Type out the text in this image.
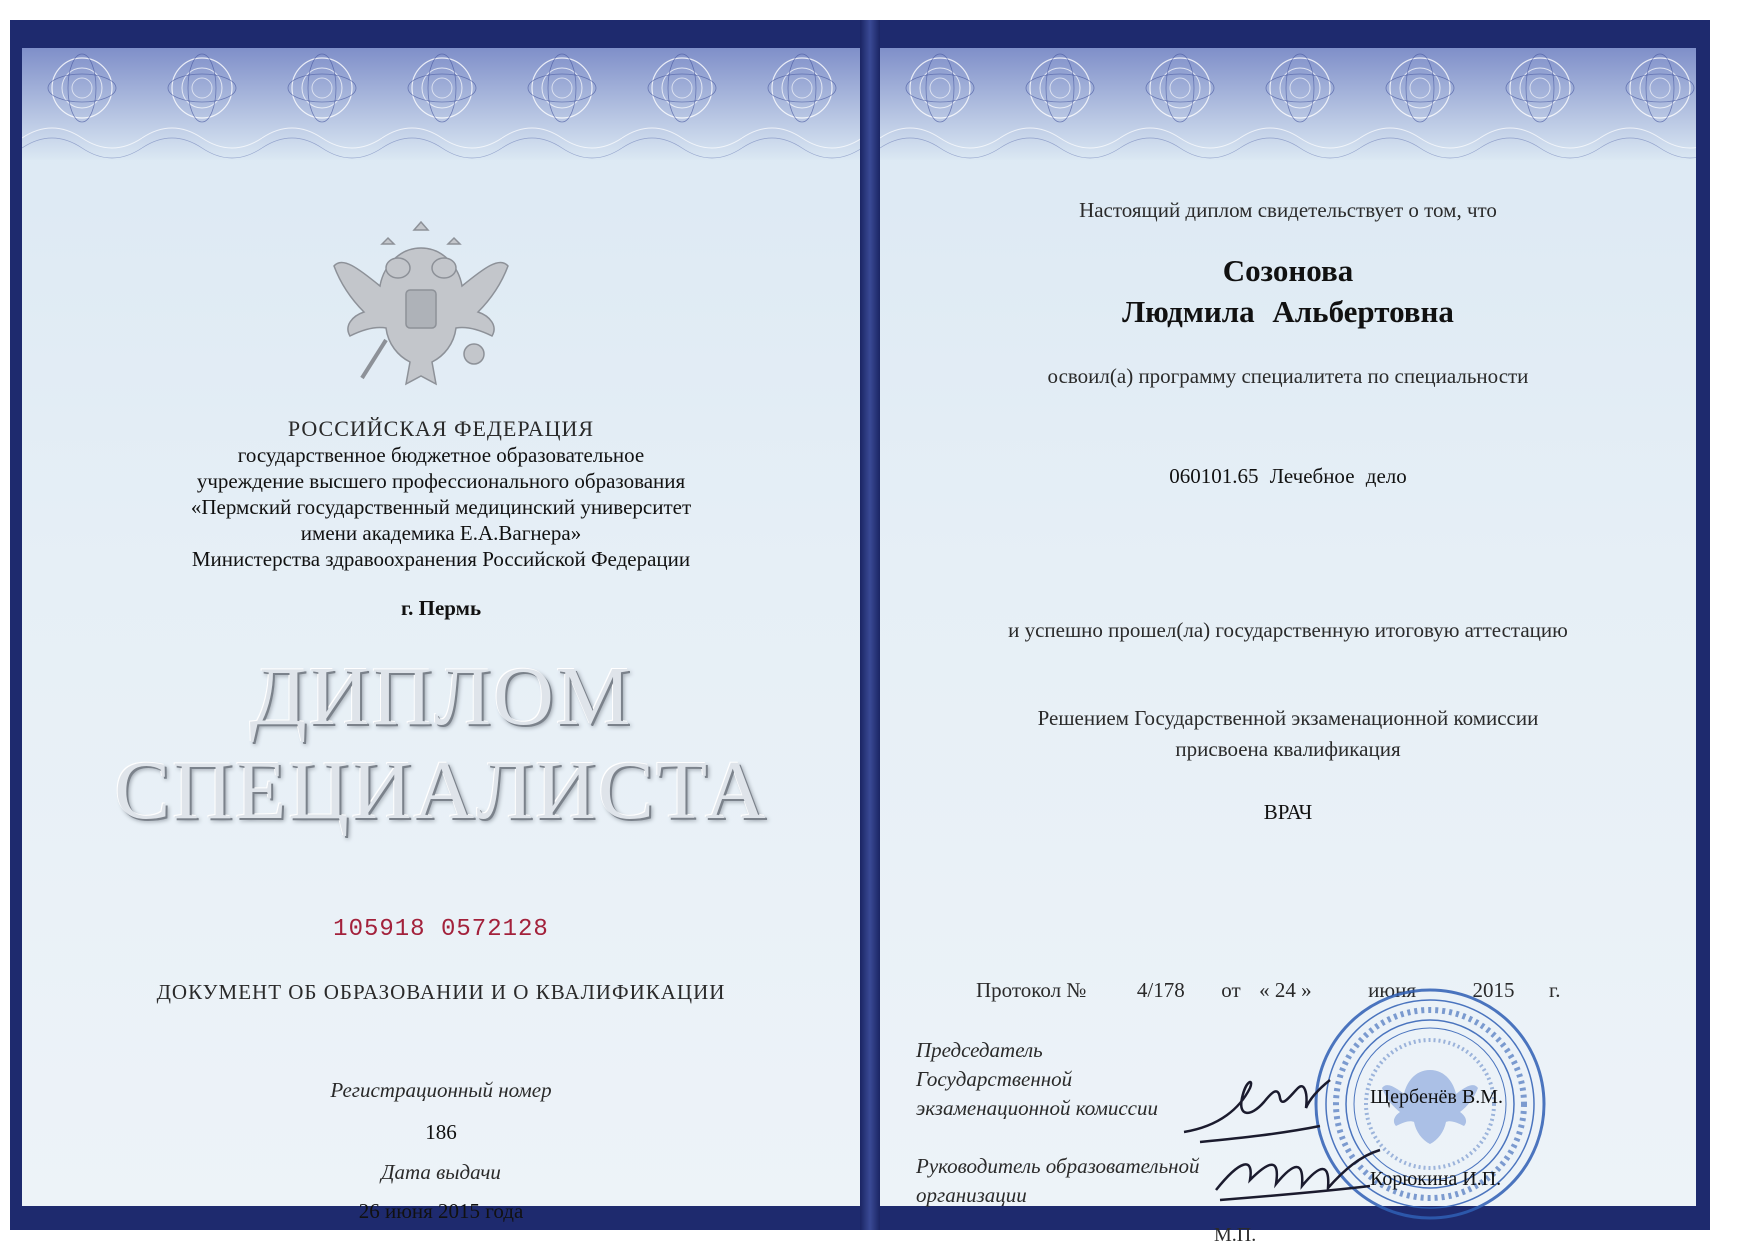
РОССИЙСКАЯ ФЕДЕРАЦИЯ
государственное бюджетное образовательное
учреждение высшего профессионального образования
«Пермский государственный медицинский университет
имени академика Е.А.Вагнера»
Министерства здравоохранения Российской Федерации
г. Пермь
ДИПЛОМ
СПЕЦИАЛИСТА
105918 0572128
ДОКУМЕНТ ОБ ОБРАЗОВАНИИ И О КВАЛИФИКАЦИИ
Регистрационный номер
186
Дата выдачи
26 июня 2015 года
Настоящий диплом свидетельствует о том, что
Созонова
Людмила Альбертовна
освоил(а) программу специалитета по специальности
060101.65 Лечебное дело
и успешно прошел(ла) государственную итоговую аттестацию
Решением Государственной экзаменационной комиссии
присвоена квалификация
ВРАЧ
Протокол № 4/178 от « 24 »	июня	2015 г.
Председатель
Государственной
экзаменационной комиссии	Щербенёв В.М.
Руководитель образовательной
организации
Корюкина И.П.
М.П.
